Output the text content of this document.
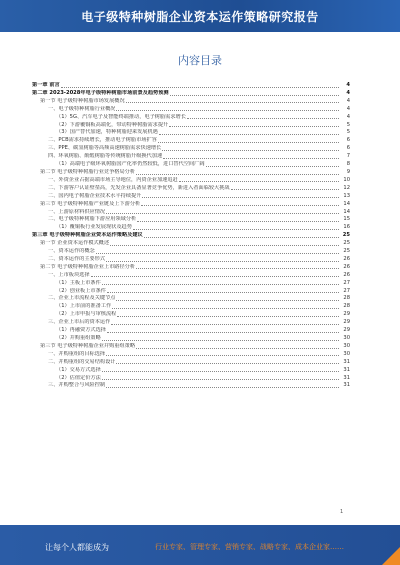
电子级特种树脂企业资本运作策略研究报告
内容目录
第一章 前言	4
第二章 2023-2028年电子级特种树脂市场前景及趋势预测	4
第一节 电子级特种树脂市场发展概况	4
一、电子级特种树脂行业概况	4
（1）5G、汽车电子及智能终端推动，电子树脂需求增长	4
（2）下游覆铜板高端化，带动特种树脂需求提升	5
（3）国产替代加速，特种树脂迎来发展机遇	5
二、PCB需求持续增长，推动电子树脂市场扩容	6
三、PPE、碳氢树脂等高频高速树脂需求快速增长	6
四、环氧树脂、酚醛树脂等传统树脂升级换代加速	7
（1）高端电子级环氧树脂国产化率仍然较低，进口替代空间广阔	8
第二节 电子级特种树脂行业竞争格局分析	9
一、外资企业占据高端市场主导地位，内资企业加速追赶	10
二、下游客户认证壁垒高，先发企业具备显著竞争优势，新进入者面临较大挑战	12
二、国内电子树脂企业技术水平持续提升	13
第三节 电子级特种树脂产业链及上下游分析	14
一、上游原材料供应情况	14
二、电子级特种树脂下游应用领域分析	15
（1）覆铜板行业发展现状及趋势	16
第三章 电子级特种树脂企业资本运作策略及建议	25
第一节 企业资本运作模式概述	25
一、资本运作的概念	25
二、资本运作的主要形式	26
第二节 电子级特种树脂企业上市路径分析	26
一、上市板块选择	26
（1）主板上市条件	27
（2）创业板上市条件	27
二、企业上市流程及关键节点	28
（1）上市前的准备工作	28
（2）上市申报与审核流程	29
三、企业上市后的资本运作	29
（1）再融资方式选择	29
（2）并购重组策略	30
第三节 电子级特种树脂企业并购重组策略	30
一、并购重组的目标选择	30
二、并购重组的交易结构设计	31
（1）交易方式选择	31
（2）估值定价方法	31
三、并购整合与风险控制	31
1
让每个人都能成为	行业专家、管理专家、营销专家、战略专家、成本企业家……
